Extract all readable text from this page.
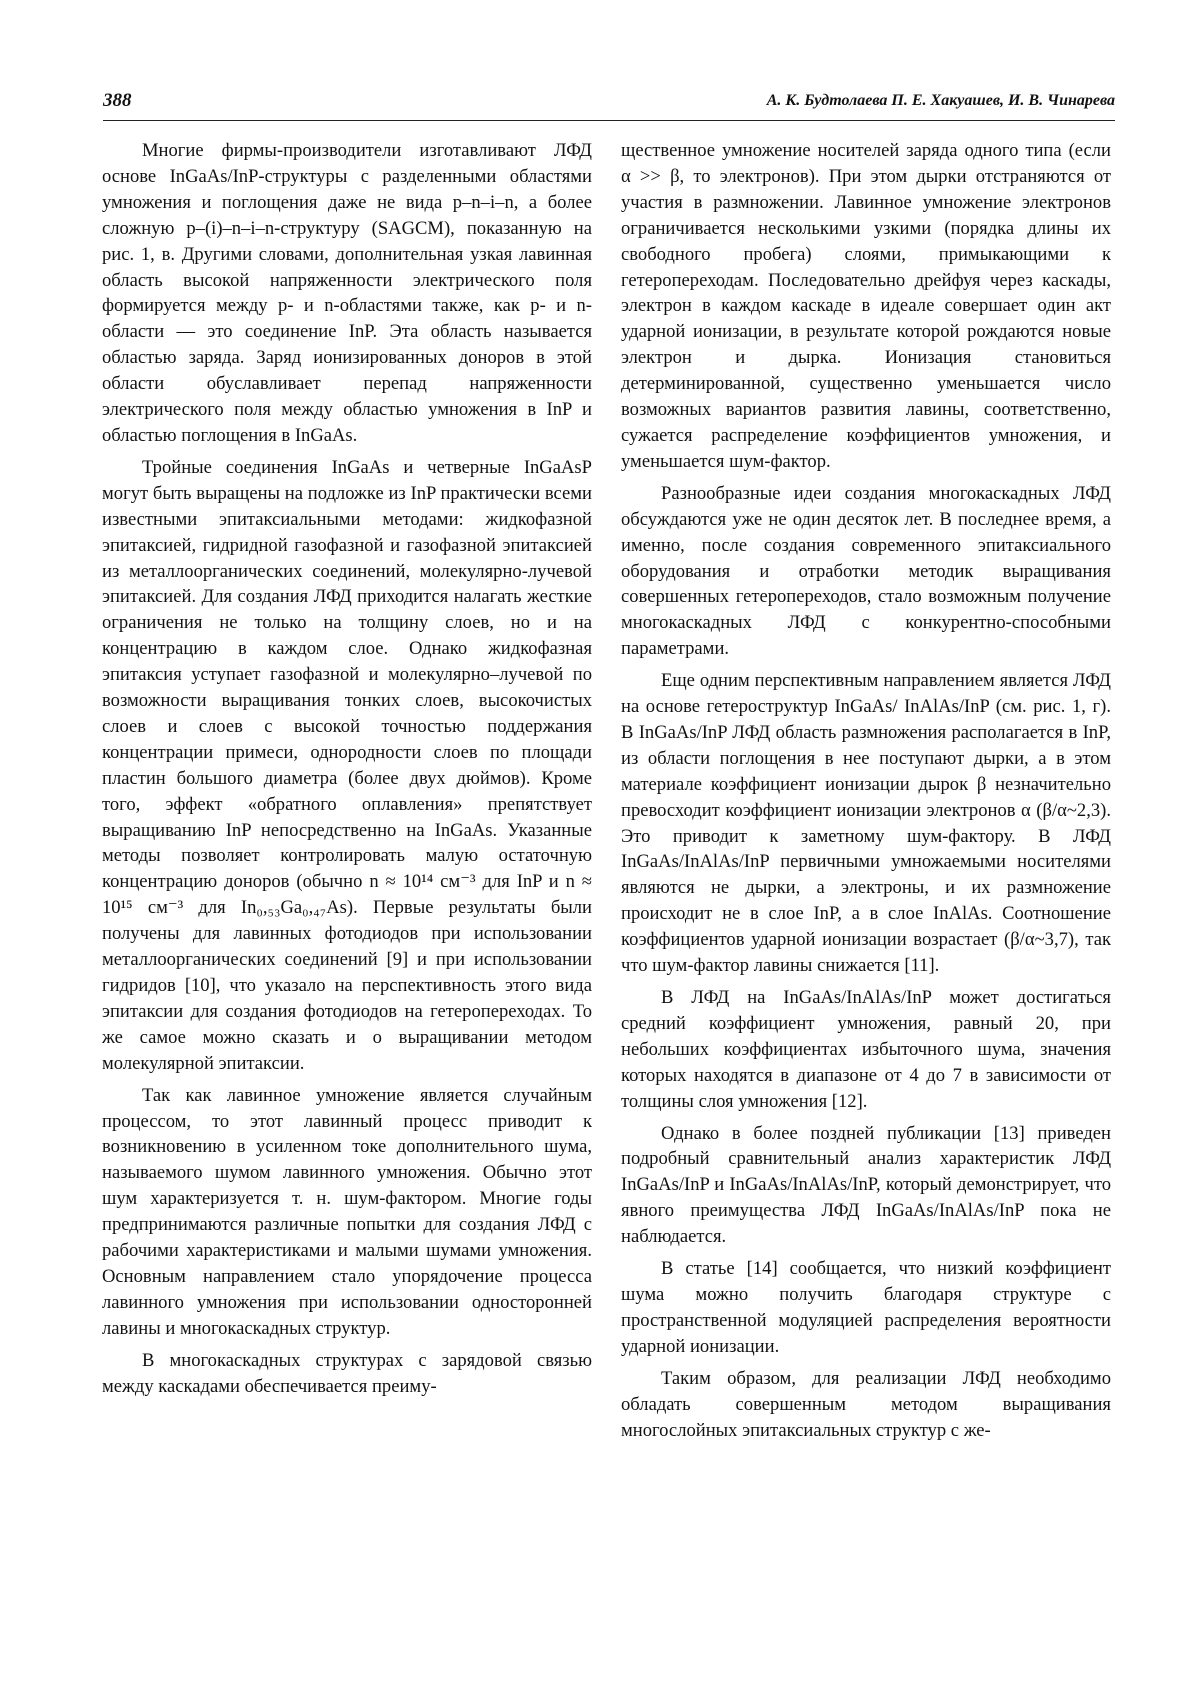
388	А. К. Будтолаева П. Е. Хакуашев, И. В. Чинарева

Многие фирмы-производители изготавливают ЛФД основе InGaAs/InP-структуры с разделенными областями умножения и поглощения даже не вида p–n–i–n, а более сложную p–(i)–n–i–n-структуру (SAGCM), показанную на рис. 1, в. Другими словами, дополнительная узкая лавинная область высокой напряженности электрического поля формируется между p- и n-областями также, как p- и n-области — это соединение InP. Эта область называется областью заряда. Заряд ионизированных доноров в этой области обуславливает перепад напряженности электрического поля между областью умножения в InP и областью поглощения в InGaAs.

Тройные соединения InGaAs и четверные InGaAsP могут быть выращены на подложке из InP практически всеми известными эпитаксиальными методами: жидкофазной эпитаксией, гидридной газофазной и газофазной эпитаксией из металлоорганических соединений, молекулярно-лучевой эпитаксией. Для создания ЛФД приходится налагать жесткие ограничения не только на толщину слоев, но и на концентрацию в каждом слое. Однако жидкофазная эпитаксия уступает газофазной и молекулярно–лучевой по возможности выращивания тонких слоев, высокочистых слоев и слоев с высокой точностью поддержания концентрации примеси, однородности слоев по площади пластин большого диаметра (более двух дюймов). Кроме того, эффект «обратного оплавления» препятствует выращиванию InP непосредственно на InGaAs. Указанные методы позволяет контролировать малую остаточную концентрацию доноров (обычно n ≈ 10¹⁴ см⁻³ для InP и n ≈ 10¹⁵ см⁻³ для In₀,₅₃Ga₀,₄₇As). Первые результаты были получены для лавинных фотодиодов при использовании металлоорганических соединений [9] и при использовании гидридов [10], что указало на перспективность этого вида эпитаксии для создания фотодиодов на гетеропереходах. То же самое можно сказать и о выращивании методом молекулярной эпитаксии.

Так как лавинное умножение является случайным процессом, то этот лавинный процесс приводит к возникновению в усиленном токе дополнительного шума, называемого шумом лавинного умножения. Обычно этот шум характеризуется т. н. шум-фактором. Многие годы предпринимаются различные попытки для создания ЛФД с рабочими характеристиками и малыми шумами умножения. Основным направлением стало упорядочение процесса лавинного умножения при использовании односторонней лавины и многокаскадных структур.

В многокаскадных структурах с зарядовой связью между каскадами обеспечивается преиму-

щественное умножение носителей заряда одного типа (если α >> β, то электронов). При этом дырки отстраняются от участия в размножении. Лавинное умножение электронов ограничивается несколькими узкими (порядка длины их свободного пробега) слоями, примыкающими к гетеропереходам. Последовательно дрейфуя через каскады, электрон в каждом каскаде в идеале совершает один акт ударной ионизации, в результате которой рождаются новые электрон и дырка. Ионизация становиться детерминированной, существенно уменьшается число возможных вариантов развития лавины, соответственно, сужается распределение коэффициентов умножения, и уменьшается шум-фактор.

Разнообразные идеи создания многокаскадных ЛФД обсуждаются уже не один десяток лет. В последнее время, а именно, после создания современного эпитаксиального оборудования и отработки методик выращивания совершенных гетеропереходов, стало возможным получение многокаскадных ЛФД с конкурентно-способными параметрами.

Еще одним перспективным направлением является ЛФД на основе гетероструктур InGaAs/ InAlAs/InP (см. рис. 1, г). В InGaAs/InP ЛФД область размножения располагается в InP, из области поглощения в нее поступают дырки, а в этом материале коэффициент ионизации дырок β незначительно превосходит коэффициент ионизации электронов α (β/α~2,3). Это приводит к заметному шум-фактору. В ЛФД InGaAs/InAlAs/InP первичными умножаемыми носителями являются не дырки, а электроны, и их размножение происходит не в слое InP, а в слое InAlAs. Соотношение коэффициентов ударной ионизации возрастает (β/α~3,7), так что шум-фактор лавины снижается [11].

В ЛФД на InGaAs/InAlAs/InP может достигаться средний коэффициент умножения, равный 20, при небольших коэффициентах избыточного шума, значения которых находятся в диапазоне от 4 до 7 в зависимости от толщины слоя умножения [12].

Однако в более поздней публикации [13] приведен подробный сравнительный анализ характеристик ЛФД InGaAs/InP и InGaAs/InAlAs/InP, который демонстрирует, что явного преимущества ЛФД InGaAs/InAlAs/InP пока не наблюдается.

В статье [14] сообщается, что низкий коэффициент шума можно получить благодаря структуре с пространственной модуляцией распределения вероятности ударной ионизации.

Таким образом, для реализации ЛФД необходимо обладать совершенным методом выращивания многослойных эпитаксиальных структур с же-
